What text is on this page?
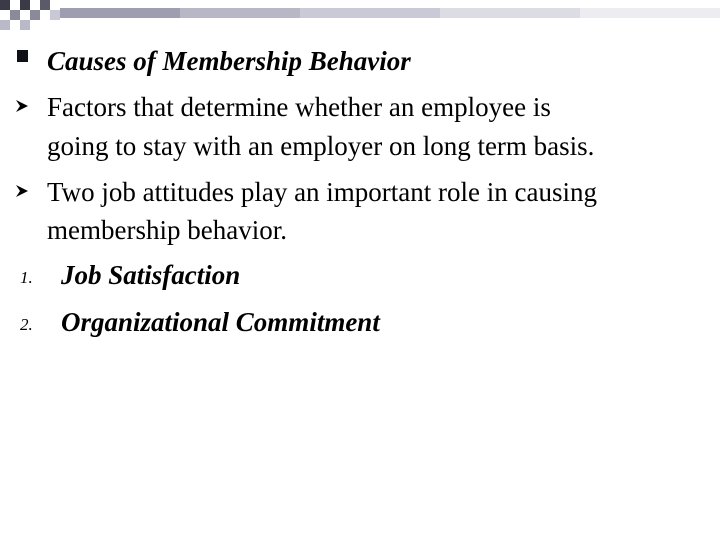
Causes of Membership Behavior
Factors that determine whether an employee is
going to stay with an employer on long term basis.
Two job attitudes play an important role in causing
membership behavior.
1. Job Satisfaction
2. Organizational Commitment
